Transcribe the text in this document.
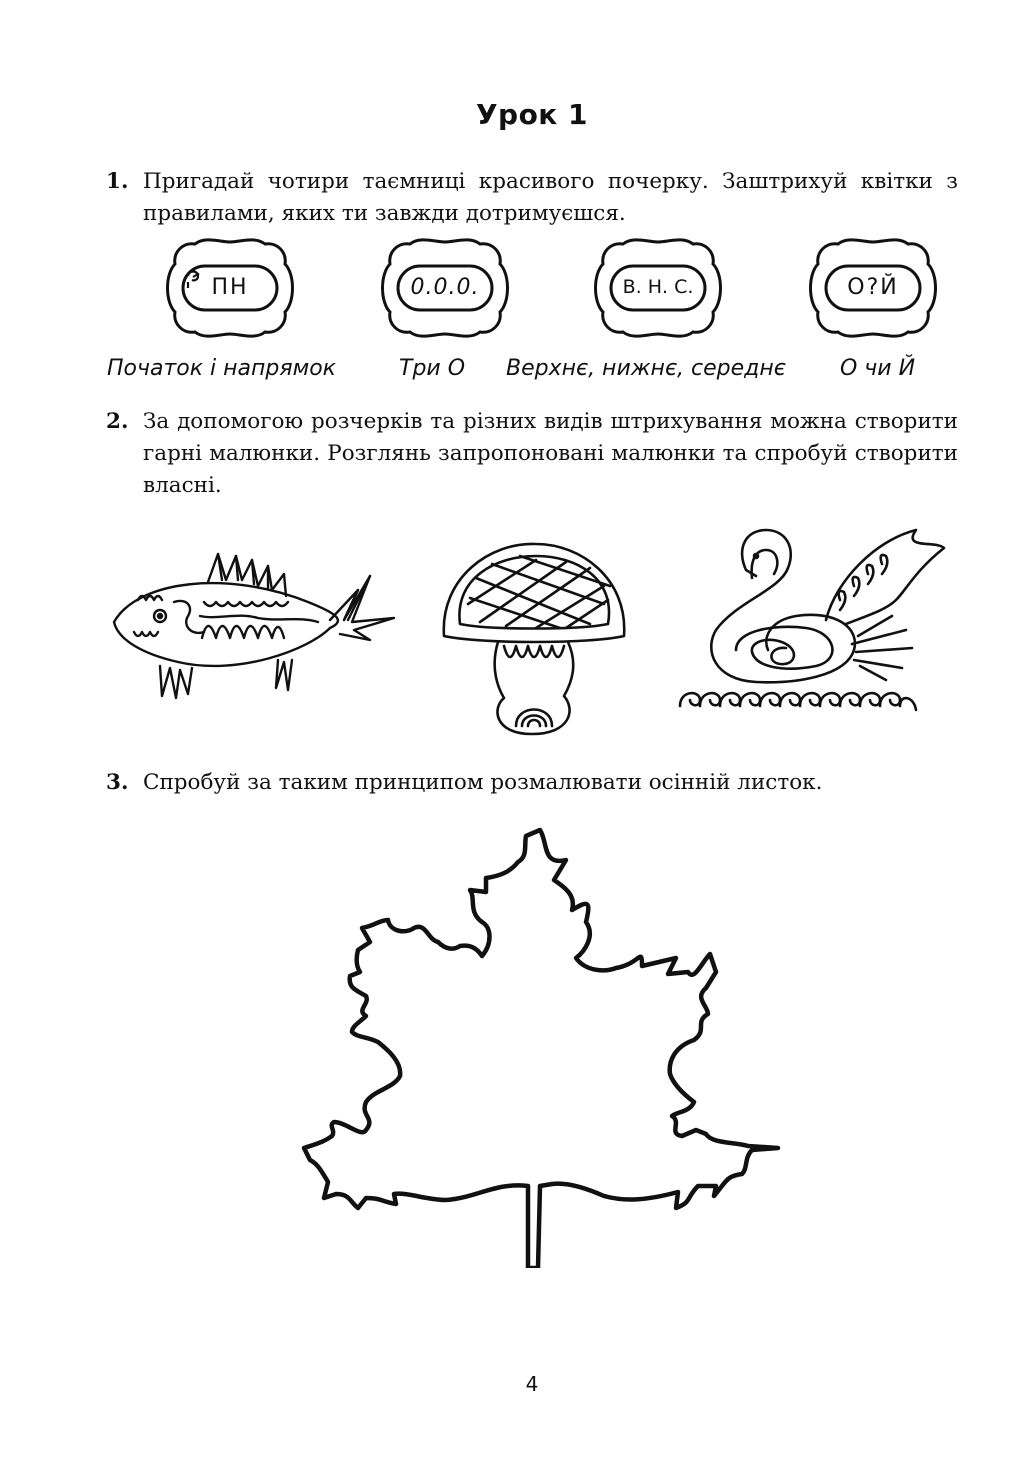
Урок 1
1. Пригадай чотири таємниці красивого почерку. Заштрихуй квітки з правилами, яких ти завжди дотримуєшся.
ПН	0.0.0.	В. Н. С.	О?Й
Початок і напрямок	Три О Верхнє, нижнє, середнє О чи Й
2. За допомогою розчерків та різних видів штрихування можна створити гарні малюнки. Розглянь запропоновані малюнки та спробуй створити власні.
3. Спробуй за таким принципом розмалювати осінній листок.
4
